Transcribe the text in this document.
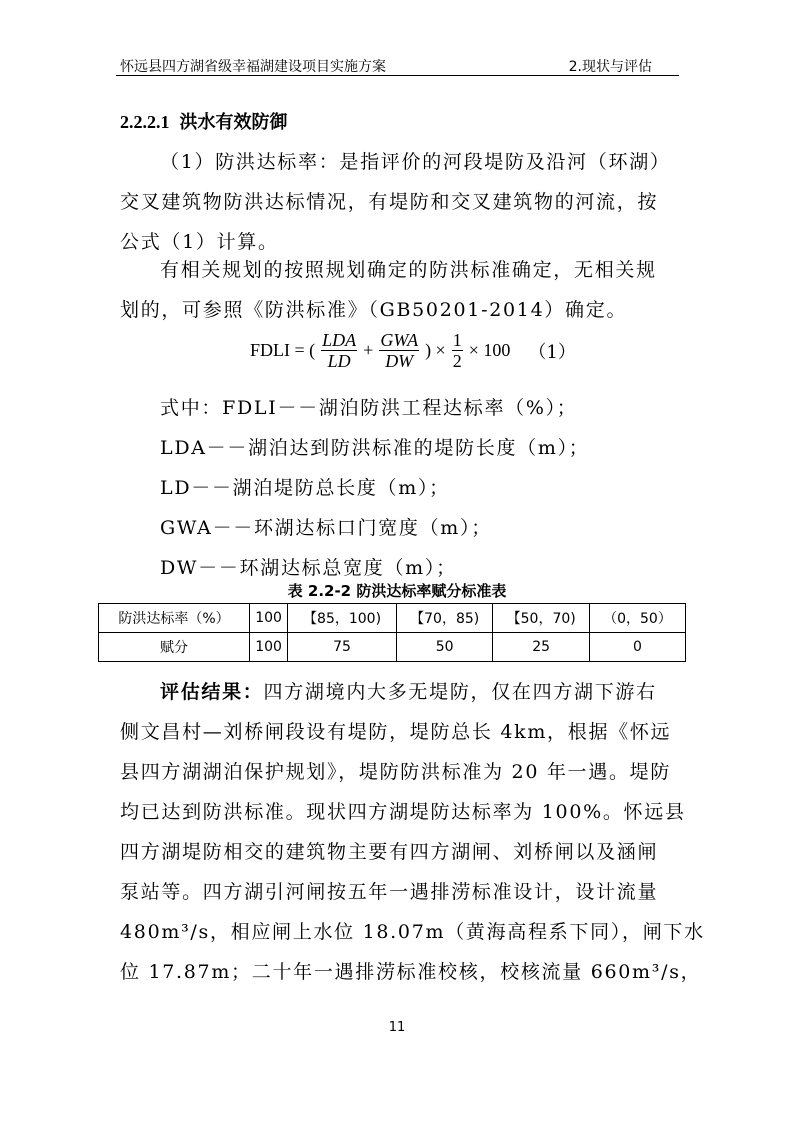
怀远县四方湖省级幸福湖建设项目实施方案	2.现状与评估
2.2.2.1 洪水有效防御
（1）防洪达标率：是指评价的河段堤防及沿河（环湖）
交叉建筑物防洪达标情况，有堤防和交叉建筑物的河流，按
公式（1）计算。
有相关规划的按照规划确定的防洪标准确定，无相关规
划的，可参照《防洪标准》（GB50201-2014）确定。
FDLI = ( $\frac{\text{LDA}}{LD} + \frac{\text{GWA}}{DW}$ ) × $\frac{1}{2} \times 100$ （1）
式中：FDLI－－湖泊防洪工程达标率（%）；
LDA－－湖泊达到防洪标准的堤防长度（m）；
LD－－湖泊堤防总长度（m）；
GWA－－环湖达标口门宽度（m）；
DW－－环湖达标总宽度（m）；
表 2.2-2 防洪达标率赋分标准表
防洪达标率（%）	100	【85，100)	【70，85)	【50，70)	（0，50）
赋分	100	75	50	25	0
评估结果：四方湖境内大多无堤防，仅在四方湖下游右
侧文昌村—刘桥闸段设有堤防，堤防总长 4km，根据《怀远
县四方湖湖泊保护规划》，堤防防洪标准为 20 年一遇。堤防
均已达到防洪标准。现状四方湖堤防达标率为 100%。怀远县
四方湖堤防相交的建筑物主要有四方湖闸、刘桥闸以及涵闸
泵站等。四方湖引河闸按五年一遇排涝标准设计，设计流量
480m³/s，相应闸上水位 18.07m（黄海高程系下同），闸下水
位 17.87m；二十年一遇排涝标准校核，校核流量 660m³/s，
11
